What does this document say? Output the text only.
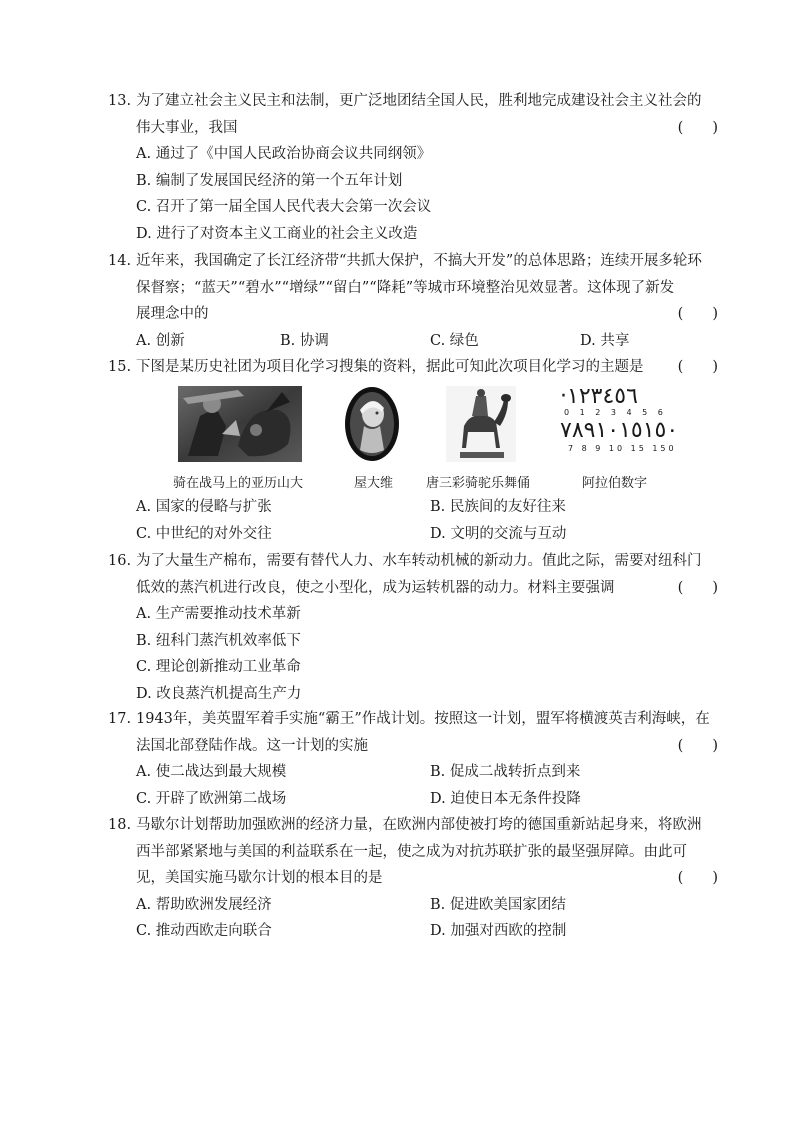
13. 为了建立社会主义民主和法制，更广泛地团结全国人民，胜利地完成建设社会主义社会的
伟大事业，我国	(　　)
A. 通过了《中国人民政治协商会议共同纲领》
B. 编制了发展国民经济的第一个五年计划
C. 召开了第一届全国人民代表大会第一次会议
D. 进行了对资本主义工商业的社会主义改造
14. 近年来，我国确定了长江经济带“共抓大保护，不搞大开发”的总体思路；连续开展多轮环
保督察；“蓝天”“碧水”“增绿”“留白”“降耗”等城市环境整治见效显著。这体现了新发
展理念中的	(　　)
A. 创新	B. 协调	C. 绿色	D. 共享
15. 下图是某历史社团为项目化学习搜集的资料，据此可知此次项目化学习的主题是 (　　)
骑在战马上的亚历山大	屋大维	唐三彩骑驼乐舞俑
·١٢٣٤٥٦
0 1 2 3 4 5 6
٧٨٩١٠١٥١٥٠
7 8 9 10 15 150
阿拉伯数字
A. 国家的侵略与扩张	B. 民族间的友好往来
C. 中世纪的对外交往	D. 文明的交流与互动
16. 为了大量生产棉布，需要有替代人力、水车转动机械的新动力。值此之际，需要对纽科门
低效的蒸汽机进行改良，使之小型化，成为运转机器的动力。材料主要强调	(　　)
A. 生产需要推动技术革新
B. 纽科门蒸汽机效率低下
C. 理论创新推动工业革命
D. 改良蒸汽机提高生产力
17. 1943年，美英盟军着手实施“霸王”作战计划。按照这一计划，盟军将横渡英吉利海峡，在
法国北部登陆作战。这一计划的实施	(　　)
A. 使二战达到最大规模	B. 促成二战转折点到来
C. 开辟了欧洲第二战场	D. 迫使日本无条件投降
18. 马歇尔计划帮助加强欧洲的经济力量，在欧洲内部使被打垮的德国重新站起身来，将欧洲
西半部紧紧地与美国的利益联系在一起，使之成为对抗苏联扩张的最坚强屏障。由此可
见，美国实施马歇尔计划的根本目的是	(　　)
A. 帮助欧洲发展经济	B. 促进欧美国家团结
C. 推动西欧走向联合	D. 加强对西欧的控制
